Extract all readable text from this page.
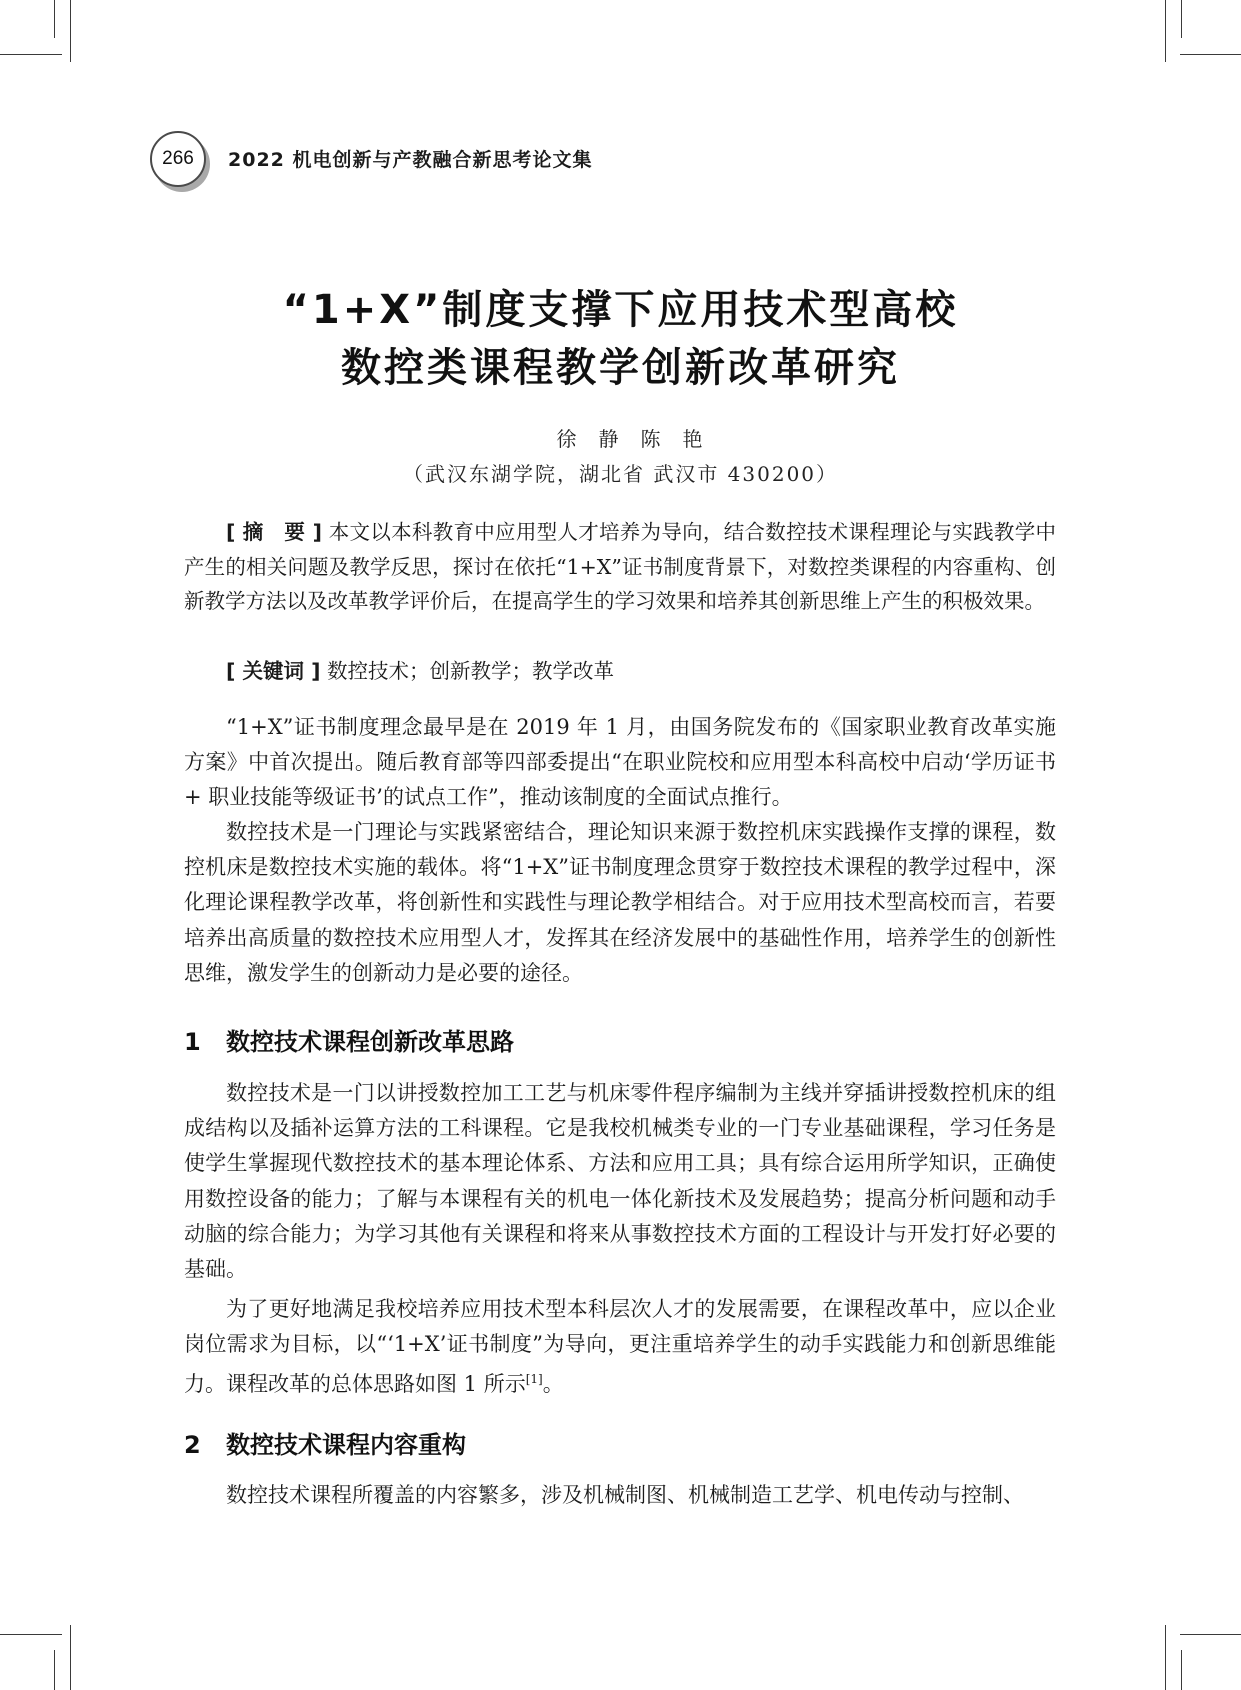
266 2022 机电创新与产教融合新思考论文集
“1+X”制度支撑下应用技术型高校
数控类课程教学创新改革研究
徐静陈艳
（武汉东湖学院，湖北省 武汉市 430200）
[ 摘　要 ] 本文以本科教育中应用型人才培养为导向，结合数控技术课程理论与实践教学中产生的相关问题及教学反思，探讨在依托“1+X”证书制度背景下，对数控类课程的内容重构、创新教学方法以及改革教学评价后，在提高学生的学习效果和培养其创新思维上产生的积极效果。
[ 关键词 ] 数控技术；创新教学；教学改革
“1+X”证书制度理念最早是在 2019 年 1 月，由国务院发布的《国家职业教育改革实施方案》中首次提出。随后教育部等四部委提出“在职业院校和应用型本科高校中启动‘学历证书 + 职业技能等级证书’的试点工作”，推动该制度的全面试点推行。
数控技术是一门理论与实践紧密结合，理论知识来源于数控机床实践操作支撑的课程，数控机床是数控技术实施的载体。将“1+X”证书制度理念贯穿于数控技术课程的教学过程中，深化理论课程教学改革，将创新性和实践性与理论教学相结合。对于应用技术型高校而言，若要培养出高质量的数控技术应用型人才，发挥其在经济发展中的基础性作用，培养学生的创新性思维，激发学生的创新动力是必要的途径。
1 数控技术课程创新改革思路
数控技术是一门以讲授数控加工工艺与机床零件程序编制为主线并穿插讲授数控机床的组成结构以及插补运算方法的工科课程。它是我校机械类专业的一门专业基础课程，学习任务是使学生掌握现代数控技术的基本理论体系、方法和应用工具；具有综合运用所学知识，正确使用数控设备的能力；了解与本课程有关的机电一体化新技术及发展趋势；提高分析问题和动手动脑的综合能力；为学习其他有关课程和将来从事数控技术方面的工程设计与开发打好必要的基础。
为了更好地满足我校培养应用技术型本科层次人才的发展需要，在课程改革中，应以企业岗位需求为目标，以“‘1+X’证书制度”为导向，更注重培养学生的动手实践能力和创新思维能力。课程改革的总体思路如图 1 所示[1]。
2 数控技术课程内容重构
数控技术课程所覆盖的内容繁多，涉及机械制图、机械制造工艺学、机电传动与控制、
